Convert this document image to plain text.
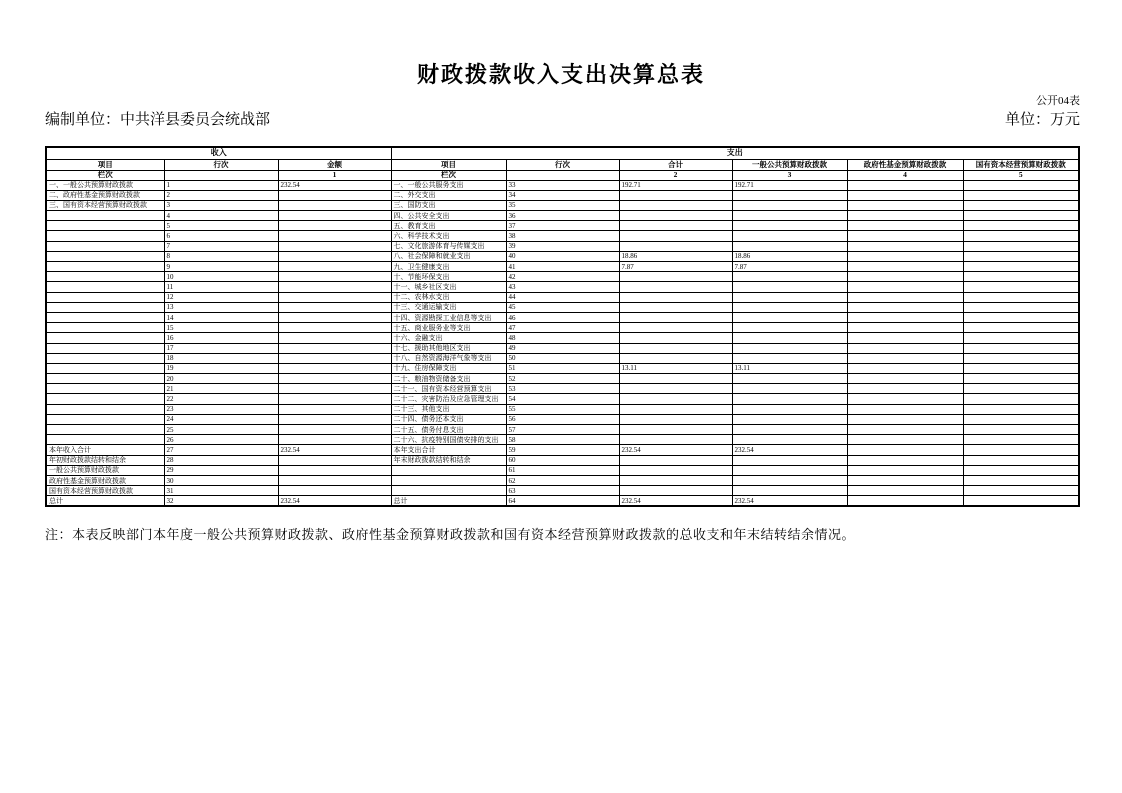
财政拨款收入支出决算总表
公开04表
编制单位：中共洋县委员会统战部	单位：万元
收入			支出					
项目	行次	金额	项目	行次	合计	一般公共预算财政拨款	政府性基金预算财政拨款	国有资本经营预算财政拨款
栏次		1	栏次		2	3	4	5
一、一般公共预算财政拨款	1	232.54	一、一般公共服务支出	33	192.71	192.71		
二、政府性基金预算财政拨款	2		二、外交支出	34				
三、国有资本经营预算财政拨款	3		三、国防支出	35				
	4		四、公共安全支出	36				
	5		五、教育支出	37				
	6		六、科学技术支出	38				
	7		七、文化旅游体育与传媒支出	39				
	8		八、社会保障和就业支出	40	18.86	18.86		
	9		九、卫生健康支出	41	7.87	7.87		
	10		十、节能环保支出	42				
	11		十一、城乡社区支出	43				
	12		十二、农林水支出	44				
	13		十三、交通运输支出	45				
	14		十四、资源勘探工业信息等支出	46				
	15		十五、商业服务业等支出	47				
	16		十六、金融支出	48				
	17		十七、援助其他地区支出	49				
	18		十八、自然资源海洋气象等支出	50				
	19		十九、住房保障支出	51	13.11	13.11		
	20		二十、粮油物资储备支出	52				
	21		二十一、国有资本经营预算支出	53				
	22		二十二、灾害防治及应急管理支出	54				
	23		二十三、其他支出	55				
	24		二十四、债务还本支出	56				
	25		二十五、债务付息支出	57				
	26		二十六、抗疫特别国债安排的支出	58				
本年收入合计	27	232.54	本年支出合计	59	232.54	232.54		
年初财政拨款结转和结余	28		年末财政拨款结转和结余	60				
一般公共预算财政拨款	29			61				
政府性基金预算财政拨款	30			62				
国有资本经营预算财政拨款	31			63				
总计	32	232.54	总计	64	232.54	232.54		
注：本表反映部门本年度一般公共预算财政拨款、政府性基金预算财政拨款和国有资本经营预算财政拨款的总收支和年末结转结余情况。
